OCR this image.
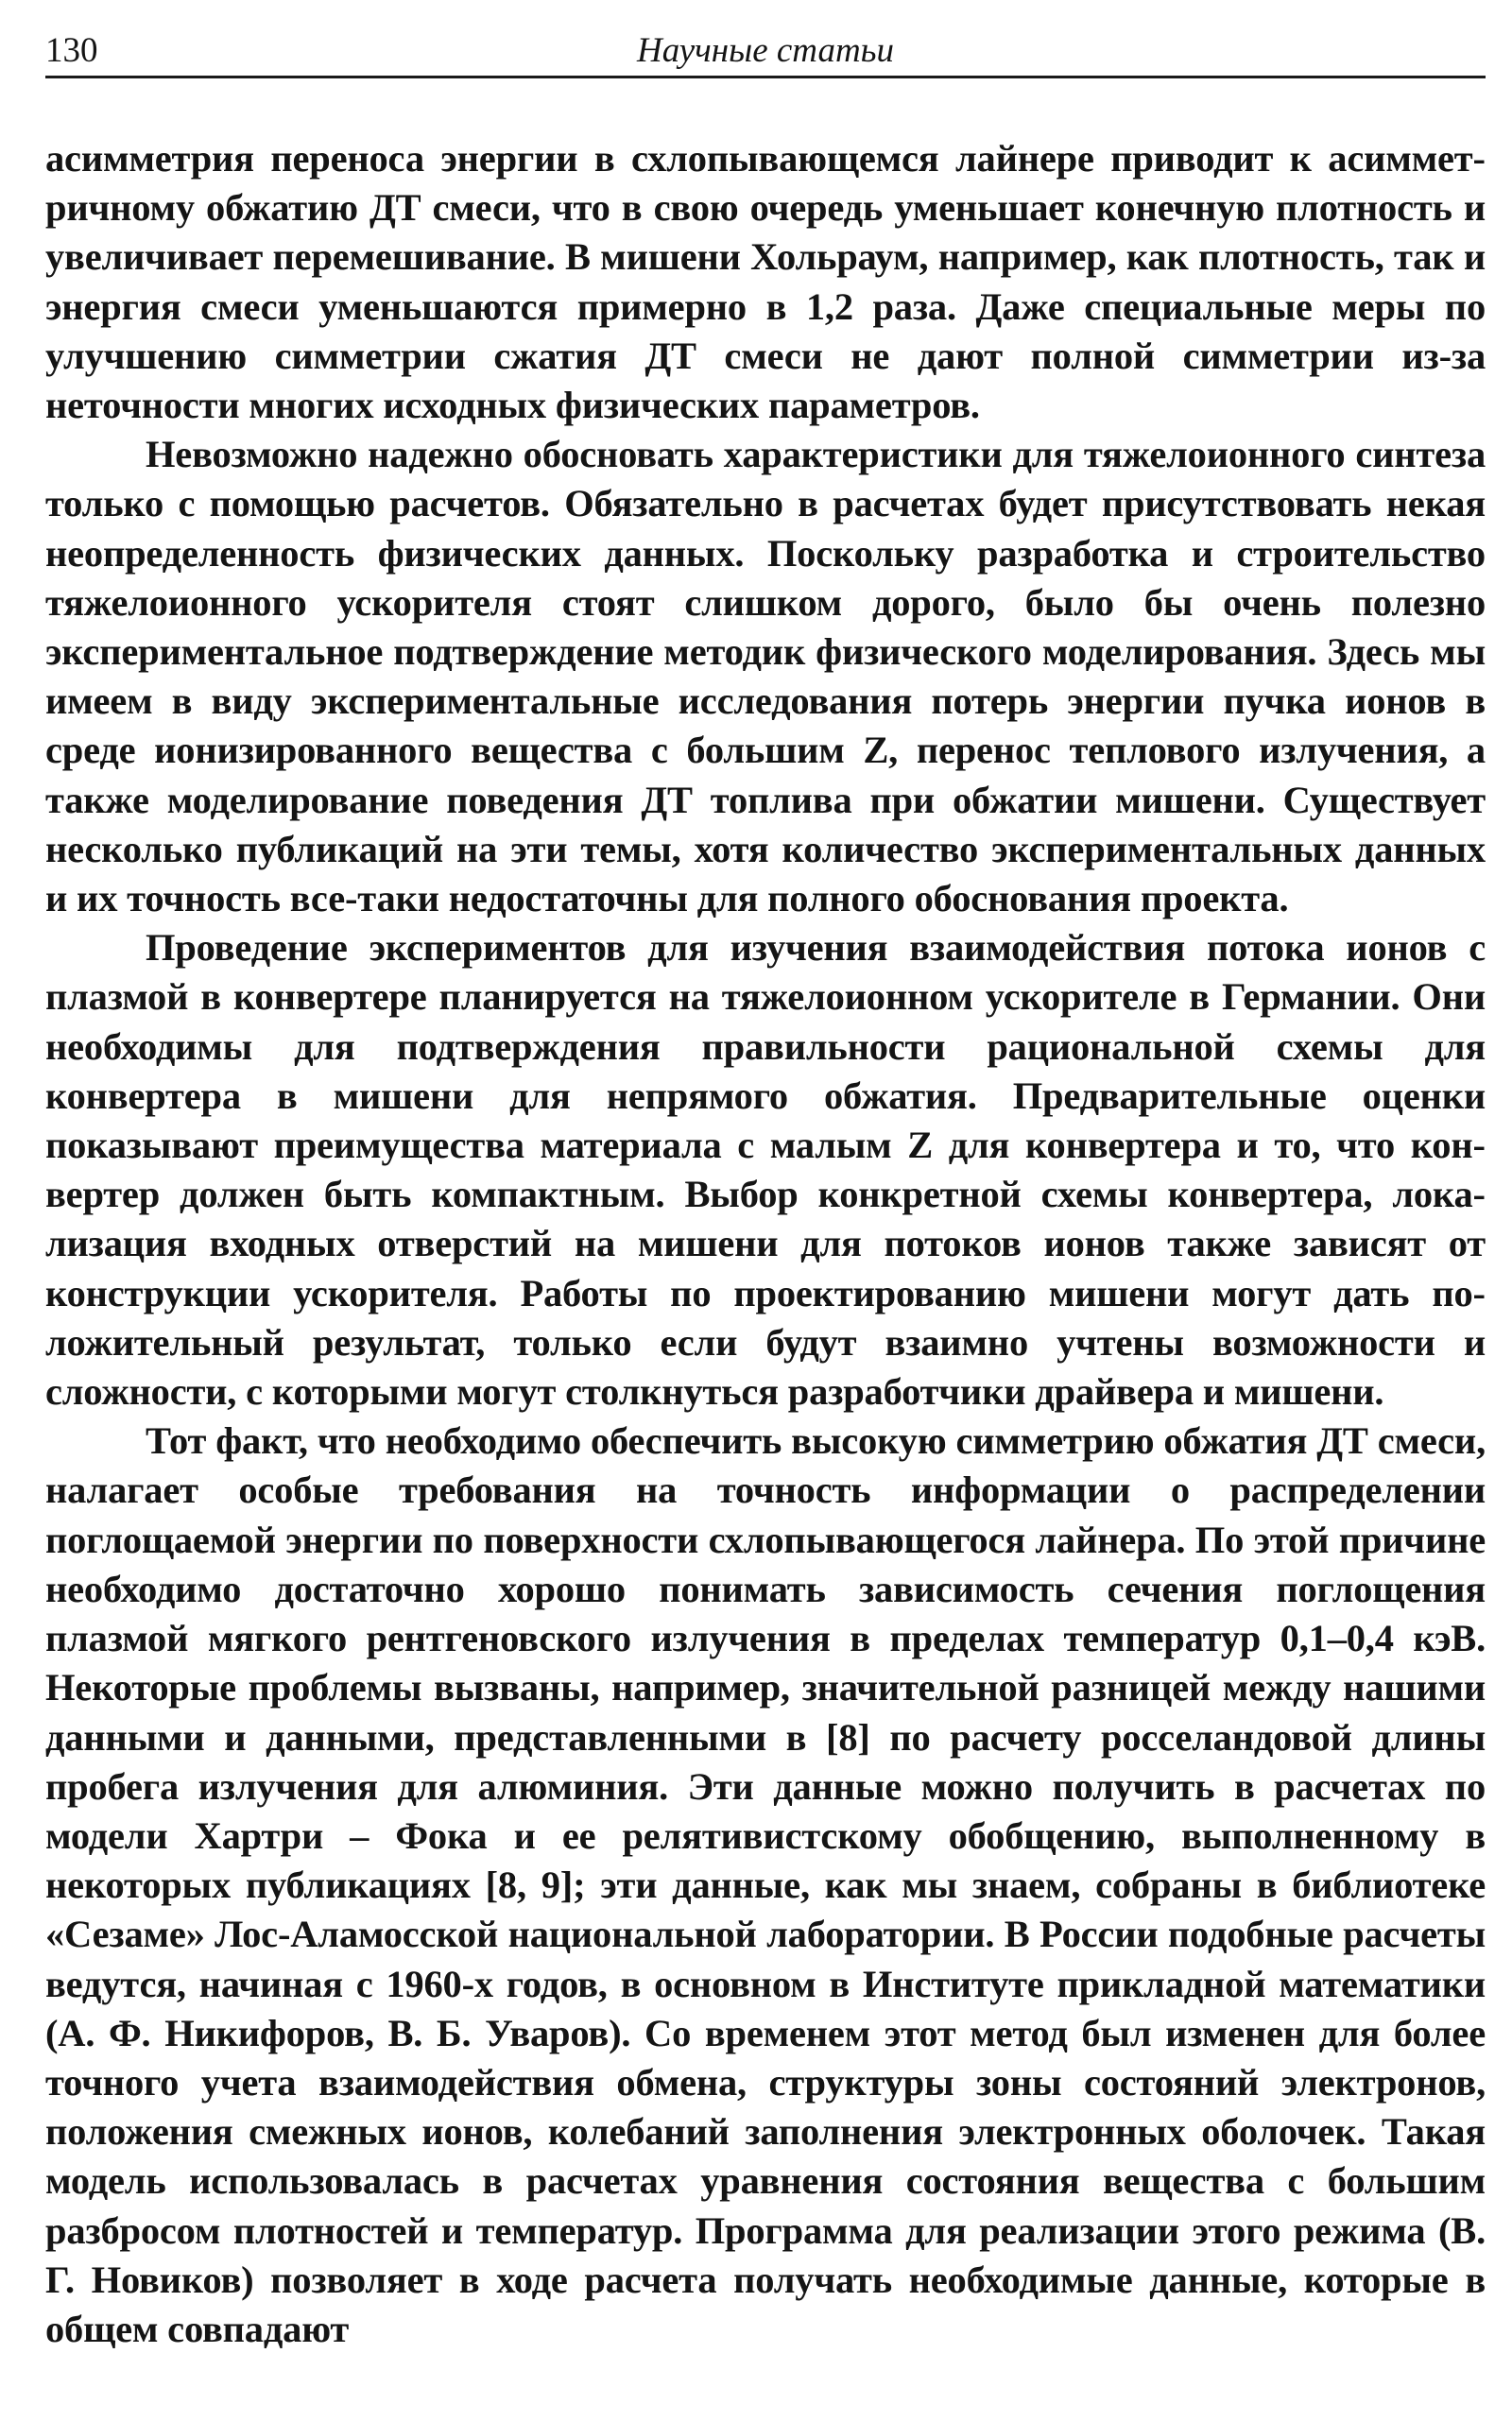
130	Научные статьи

асимметрия переноса энергии в схлопывающемся лайнере приводит к асимметричному обжатию ДТ смеси, что в свою очередь уменьшает конечную плотность и увеличивает перемешивание. В мишени Хольраум, например, как плотность, так и энергия смеси уменьшаются примерно в 1,2 раза. Даже специальные меры по улучшению симметрии сжатия ДТ смеси не дают полной симметрии из-за неточности многих исходных физических параметров.

Невозможно надежно обосновать характеристики для тяжелоионного синтеза только с помощью расчетов. Обязательно в расчетах будет присутствовать некая неопределенность физических данных. Поскольку разработка и строительство тяжелоионного ускорителя стоят слишком дорого, было бы очень полезно экспериментальное подтверждение методик физического моделирования. Здесь мы имеем в виду экспериментальные исследования потерь энергии пучка ионов в среде ионизированного вещества с большим Z, перенос теплового излучения, а также моделирование поведения ДТ топлива при обжатии мишени. Существует несколько публикаций на эти темы, хотя количество экспериментальных данных и их точность все-таки недостаточны для полного обоснования проекта.

Проведение экспериментов для изучения взаимодействия потока ионов с плазмой в конвертере планируется на тяжелоионном ускорителе в Германии. Они необходимы для подтверждения правильности рациональной схемы для конвертера в мишени для непрямого обжатия. Предварительные оценки показывают преимущества материала с малым Z для конвертера и то, что конвертер должен быть компактным. Выбор конкретной схемы конвертера, локализация входных отверстий на мишени для потоков ионов также зависят от конструкции ускорителя. Работы по проектированию мишени могут дать положительный результат, только если будут взаимно учтены возможности и сложности, с которыми могут столкнуться разработчики драйвера и мишени.

Тот факт, что необходимо обеспечить высокую симметрию обжатия ДТ смеси, налагает особые требования на точность информации о распределении поглощаемой энергии по поверхности схлопывающегося лайнера. По этой причине необходимо достаточно хорошо понимать зависимость сечения поглощения плазмой мягкого рентгеновского излучения в пределах температур 0,1–0,4 кэВ. Некоторые проблемы вызваны, например, значительной разницей между нашими данными и данными, представленными в [8] по расчету росселандовой длины пробега излучения для алюминия. Эти данные можно получить в расчетах по модели Хартри – Фока и ее релятивистскому обобщению, выполненному в некоторых публикациях [8, 9]; эти данные, как мы знаем, собраны в библиотеке «Сезаме» Лос-Аламосской национальной лаборатории. В России подобные расчеты ведутся, начиная с 1960-х годов, в основном в Институте прикладной математики (А. Ф. Никифоров, В. Б. Уваров). Со временем этот метод был изменен для более точного учета взаимодействия обмена, структуры зоны состояний электронов, положения смежных ионов, колебаний заполнения электронных оболочек. Такая модель использовалась в расчетах уравнения состояния вещества с большим разбросом плотностей и температур. Программа для реализации этого режима (В. Г. Новиков) позволяет в ходе расчета получать необходимые данные, которые в общем совпадают
